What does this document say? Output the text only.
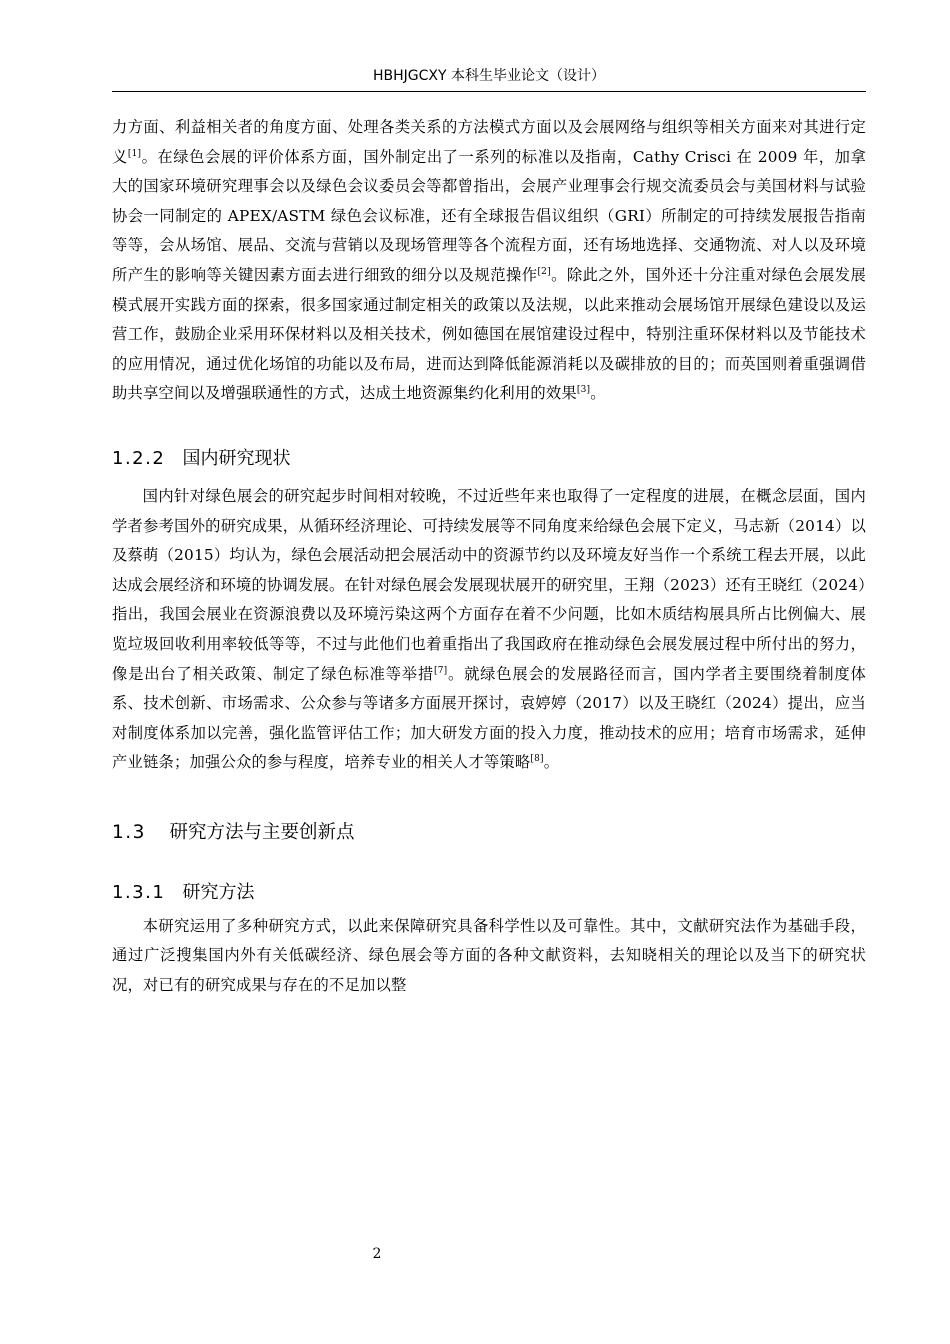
HBHJGCXY 本科生毕业论文（设计）

力方面、利益相关者的角度方面、处理各类关系的方法模式方面以及会展网络与组织等相关方面来对其进行定义[1]。在绿色会展的评价体系方面，国外制定出了一系列的标准以及指南，Cathy Crisci 在 2009 年，加拿大的国家环境研究理事会以及绿色会议委员会等都曾指出，会展产业理事会行规交流委员会与美国材料与试验协会一同制定的 APEX/ASTM 绿色会议标准，还有全球报告倡议组织（GRI）所制定的可持续发展报告指南等等，会从场馆、展品、交流与营销以及现场管理等各个流程方面，还有场地选择、交通物流、对人以及环境所产生的影响等关键因素方面去进行细致的细分以及规范操作[2]。除此之外，国外还十分注重对绿色会展发展模式展开实践方面的探索，很多国家通过制定相关的政策以及法规，以此来推动会展场馆开展绿色建设以及运营工作，鼓励企业采用环保材料以及相关技术，例如德国在展馆建设过程中，特别注重环保材料以及节能技术的应用情况，通过优化场馆的功能以及布局，进而达到降低能源消耗以及碳排放的目的；而英国则着重强调借助共享空间以及增强联通性的方式，达成土地资源集约化利用的效果[3]。

1.2.2 国内研究现状

国内针对绿色展会的研究起步时间相对较晚，不过近些年来也取得了一定程度的进展，在概念层面，国内学者参考国外的研究成果，从循环经济理论、可持续发展等不同角度来给绿色会展下定义，马志新（2014）以及蔡萌（2015）均认为，绿色会展活动把会展活动中的资源节约以及环境友好当作一个系统工程去开展，以此达成会展经济和环境的协调发展。在针对绿色展会发展现状展开的研究里，王翔（2023）还有王晓红（2024）指出，我国会展业在资源浪费以及环境污染这两个方面存在着不少问题，比如木质结构展具所占比例偏大、展览垃圾回收利用率较低等等，不过与此他们也着重指出了我国政府在推动绿色会展发展过程中所付出的努力，像是出台了相关政策、制定了绿色标准等举措[7]。就绿色展会的发展路径而言，国内学者主要围绕着制度体系、技术创新、市场需求、公众参与等诸多方面展开探讨，袁婷婷（2017）以及王晓红（2024）提出，应当对制度体系加以完善，强化监管评估工作；加大研发方面的投入力度，推动技术的应用；培育市场需求，延伸产业链条；加强公众的参与程度，培养专业的相关人才等策略[8]。

1.3 研究方法与主要创新点
1.3.1 研究方法

本研究运用了多种研究方式，以此来保障研究具备科学性以及可靠性。其中，文献研究法作为基础手段，通过广泛搜集国内外有关低碳经济、绿色展会等方面的各种文献资料，去知晓相关的理论以及当下的研究状况，对已有的研究成果与存在的不足加以整

2
